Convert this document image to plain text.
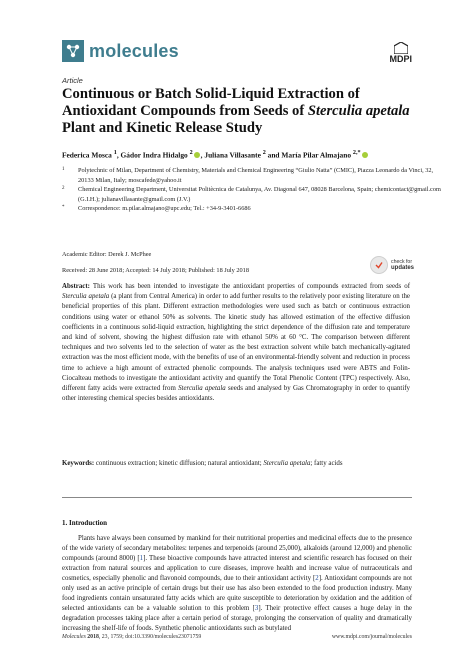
molecules	MDPI
Article
Continuous or Batch Solid-Liquid Extraction of Antioxidant Compounds from Seeds of Sterculia apetala Plant and Kinetic Release Study
Federica Mosca $^1$, Gádor Indra Hidalgo $^2$ , Juliana Villasante $^2$ and María Pilar Almajano $^{2,*}$
1 Polytechnic of Milan, Department of Chemistry, Materials and Chemical Engineering “Giulio Natta” (CMIC), Piazza Leonardo da Vinci, 32, 20133 Milan, Italy; moscafede@yahoo.it
2 Chemical Engineering Department, Universitat Politècnica de Catalunya, Av. Diagonal 647, 08028 Barcelona, Spain; chemicontact@gmail.com (G.I.H.); julianavillasante@gmail.com (J.V.)
* Correspondence: m.pilar.almajano@upc.edu; Tel.: +34-9-3401-6686
Academic Editor: Derek J. McPhee
Received: 28 June 2018; Accepted: 14 July 2018; Published: 18 July 2018
check for
updates

Abstract: This work has been intended to investigate the antioxidant properties of compounds extracted from seeds of Sterculia apetala (a plant from Central America) in order to add further results to the relatively poor existing literature on the beneficial properties of this plant. Different extraction methodologies were used such as batch or continuous extraction conditions using water or ethanol 50% as solvents. The kinetic study has allowed estimation of the effective diffusion coefficients in a continuous solid-liquid extraction, highlighting the strict dependence of the diffusion rate and temperature and kind of solvent, showing the highest diffusion rate with ethanol 50% at 60 °C. The comparison between different techniques and two solvents led to the selection of water as the best extraction solvent while batch mechanically-agitated extraction was the most efficient mode, with the benefits of use of an environmental-friendly solvent and reduction in process time to achieve a high amount of extracted phenolic compounds. The analysis techniques used were ABTS and Folin-Ciocalteau methods to investigate the antioxidant activity and quantify the Total Phenolic Content (TPC) respectively. Also, different fatty acids were extracted from Sterculia apetala seeds and analysed by Gas Chromatography in order to quantify other interesting chemical species besides antioxidants.

Keywords: continuous extraction; kinetic diffusion; natural antioxidant; Sterculia apetala; fatty acids
1. Introduction

Plants have always been consumed by mankind for their nutritional properties and medicinal effects due to the presence of the wide variety of secondary metabolites: terpenes and terpenoids (around 25,000), alkaloids (around 12,000) and phenolic compounds (around 8000) [1]. These bioactive compounds have attracted interest and scientific research has focused on their extraction from natural sources and application to cure diseases, improve health and increase value of nutraceuticals and cosmetics, especially phenolic and flavonoid compounds, due to their antioxidant activity [2]. Antioxidant compounds are not only used as an active principle of certain drugs but their use has also been extended to the food production industry. Many food ingredients contain unsaturated fatty acids which are quite susceptible to deterioration by oxidation and the addition of selected antioxidants can be a valuable solution to this problem [3]. Their protective effect causes a huge delay in the degradation processes taking place after a certain period of storage, prolonging the conservation of quality and dramatically increasing the shelf-life of foods. Synthetic phenolic antioxidants such as butylated

Molecules 2018, 23, 1759; doi:10.3390/molecules23071759	www.mdpi.com/journal/molecules
